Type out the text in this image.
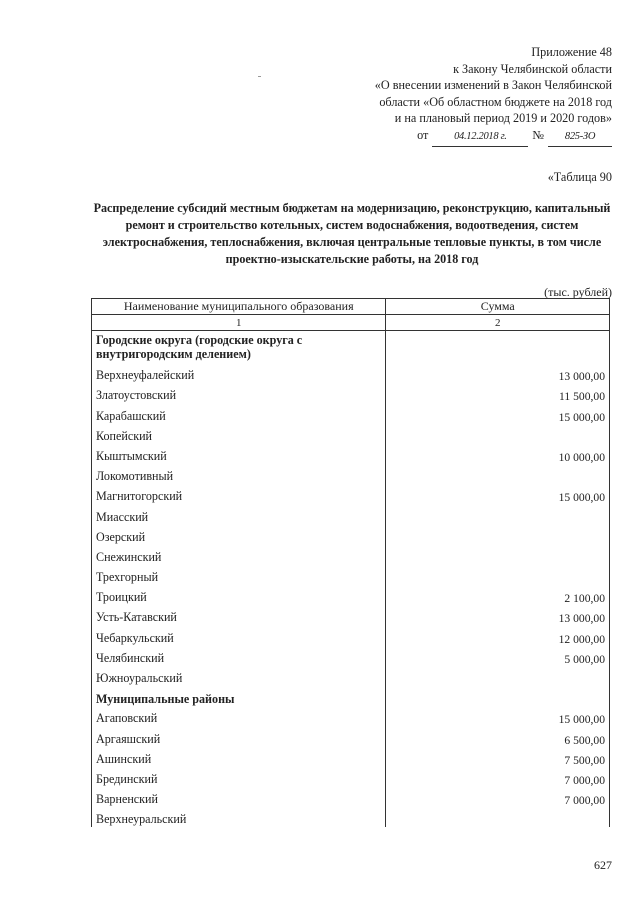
Приложение 48
к Закону Челябинской области
«О внесении изменений в Закон Челябинской
области «Об областном бюджете на 2018 год
и на плановый период 2019 и 2020 годов»
от	04.12.2018 г.	№	825-ЗО
«Таблица 90
Распределение субсидий местным бюджетам на модернизацию, реконструкцию, капитальный ремонт и строительство котельных, систем водоснабжения, водоотведения, систем электроснабжения, теплоснабжения, включая центральные тепловые пункты, в том числе проектно-изыскательские работы, на 2018 год
(тыс. рублей)
Наименование муниципального образования	Сумма
1	2
Городские округа (городские округа с внутригородским делением)	
Верхнеуфалейский	13 000,00
Златоустовский	11 500,00
Карабашский	15 000,00
Копейский	
Кыштымский	10 000,00
Локомотивный	
Магнитогорский	15 000,00
Миасский	
Озерский	
Снежинский	
Трехгорный	
Троицкий	2 100,00
Усть-Катавский	13 000,00
Чебаркульский	12 000,00
Челябинский	5 000,00
Южноуральский	
Муниципальные районы	
Агаповский	15 000,00
Аргаяшский	6 500,00
Ашинский	7 500,00
Брединский	7 000,00
Варненский	7 000,00
Верхнеуральский	
627
